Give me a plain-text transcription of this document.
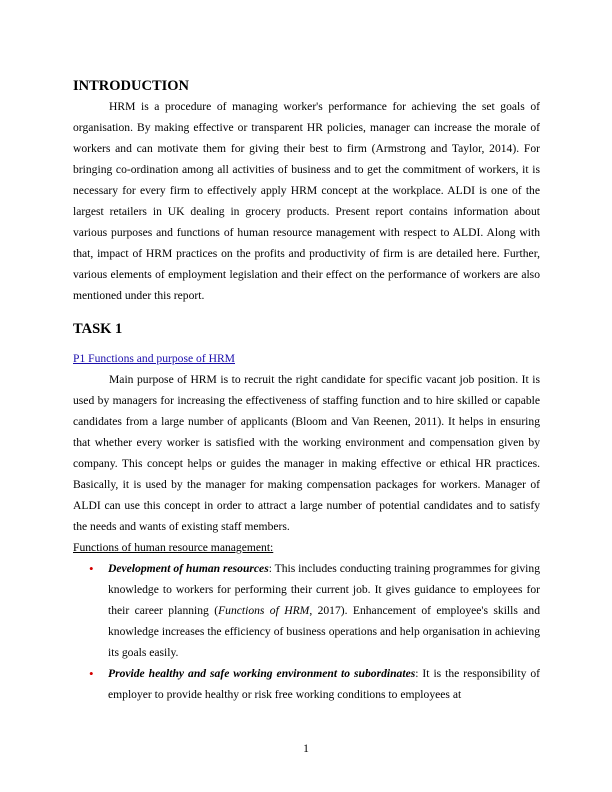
INTRODUCTION

HRM is a procedure of managing worker's performance for achieving the set goals of organisation. By making effective or transparent HR policies, manager can increase the morale of workers and can motivate them for giving their best to firm (Armstrong and Taylor, 2014). For bringing co-ordination among all activities of business and to get the commitment of workers, it is necessary for every firm to effectively apply HRM concept at the workplace. ALDI is one of the largest retailers in UK dealing in grocery products. Present report contains information about various purposes and functions of human resource management with respect to ALDI. Along with that, impact of HRM practices on the profits and productivity of firm is are detailed here. Further, various elements of employment legislation and their effect on the performance of workers are also mentioned under this report.

TASK 1
P1 Functions and purpose of HRM

Main purpose of HRM is to recruit the right candidate for specific vacant job position. It is used by managers for increasing the effectiveness of staffing function and to hire skilled or capable candidates from a large number of applicants (Bloom and Van Reenen, 2011). It helps in ensuring that whether every worker is satisfied with the working environment and compensation given by company. This concept helps or guides the manager in making effective or ethical HR practices. Basically, it is used by the manager for making compensation packages for workers. Manager of ALDI can use this concept in order to attract a large number of potential candidates and to satisfy the needs and wants of existing staff members.

Functions of human resource management:
• Development of human resources: This includes conducting training programmes for giving knowledge to workers for performing their current job. It gives guidance to employees for their career planning (Functions of HRM, 2017). Enhancement of employee's skills and knowledge increases the efficiency of business operations and help organisation in achieving its goals easily.
• Provide healthy and safe working environment to subordinates: It is the responsibility of employer to provide healthy or risk free working conditions to employees at
1
